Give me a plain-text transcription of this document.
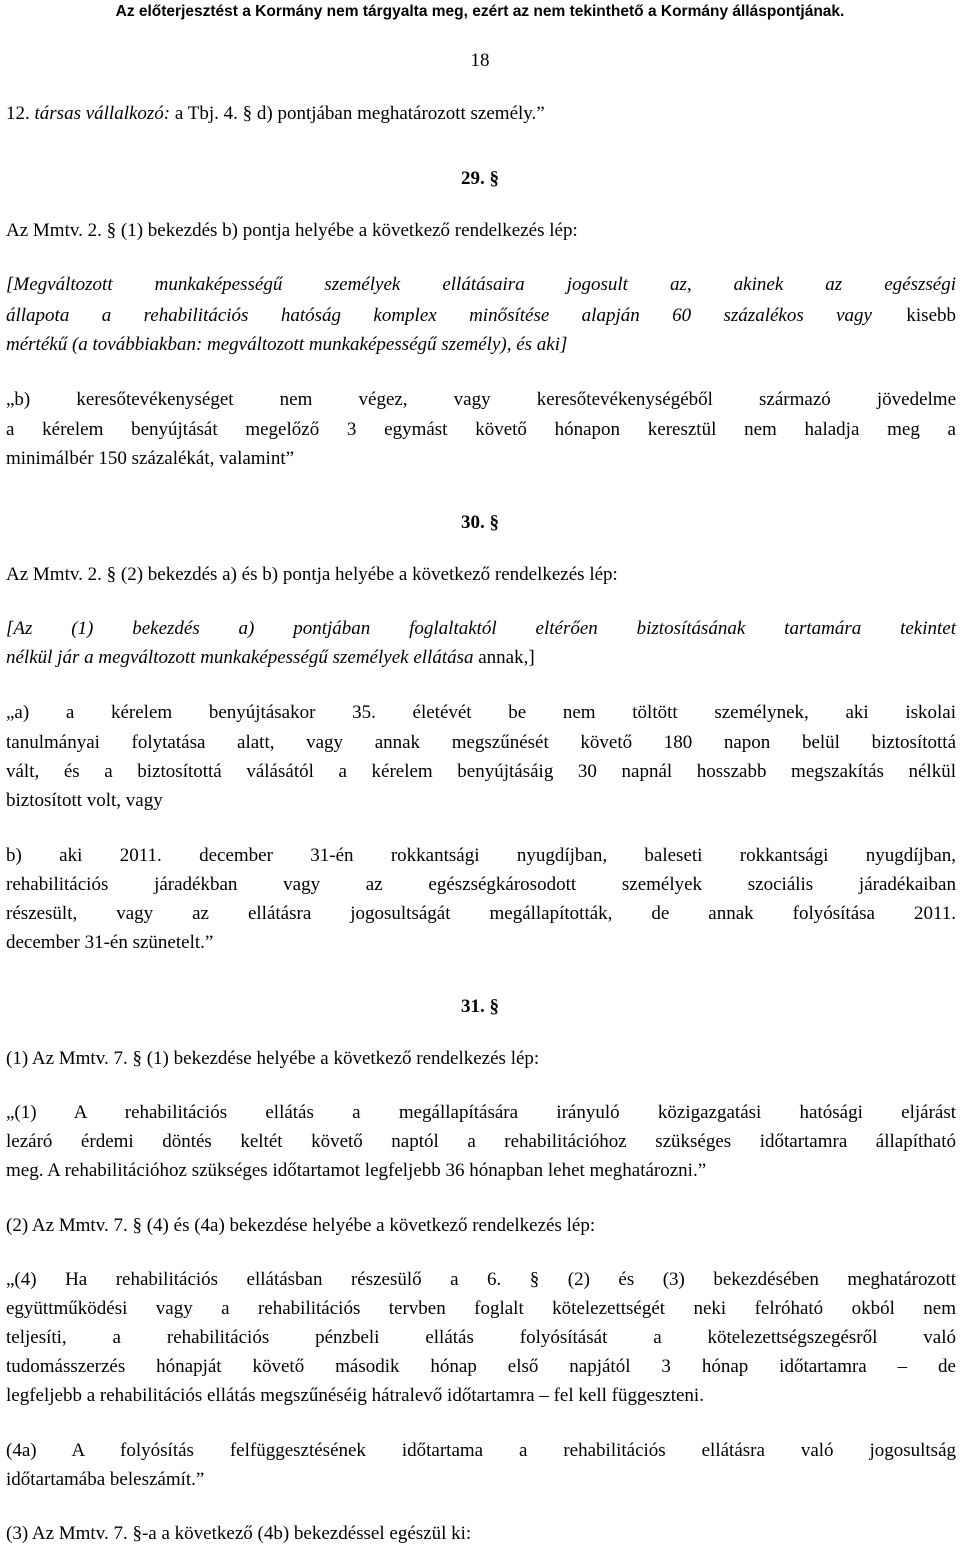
Az előterjesztést a Kormány nem tárgyalta meg, ezért az nem tekinthető a Kormány álláspontjának.
18
12. társas vállalkozó: a Tbj. 4. § d) pontjában meghatározott személy.”
29. §
Az Mmtv. 2. § (1) bekezdés b) pontja helyébe a következő rendelkezés lép:
[Megváltozott munkaképességű személyek ellátásaira jogosult az, akinek az egészségi
állapota a rehabilitációs hatóság komplex minősítése alapján 60 százalékos vagy kisebb
mértékű (a továbbiakban: megváltozott munkaképességű személy), és aki]
„b) keresőtevékenységet nem végez, vagy keresőtevékenységéből származó jövedelme
a kérelem benyújtását megelőző 3 egymást követő hónapon keresztül nem haladja meg a
minimálbér 150 százalékát, valamint”
30. §
Az Mmtv. 2. § (2) bekezdés a) és b) pontja helyébe a következő rendelkezés lép:
[Az (1) bekezdés a) pontjában foglaltaktól eltérően biztosításának tartamára tekintet
nélkül jár a megváltozott munkaképességű személyek ellátása annak,]
„a) a kérelem benyújtásakor 35. életévét be nem töltött személynek, aki iskolai
tanulmányai folytatása alatt, vagy annak megszűnését követő 180 napon belül biztosítottá
vált, és a biztosítottá válásától a kérelem benyújtásáig 30 napnál hosszabb megszakítás nélkül
biztosított volt, vagy
b) aki 2011. december 31-én rokkantsági nyugdíjban, baleseti rokkantsági nyugdíjban,
rehabilitációs járadékban vagy az egészségkárosodott személyek szociális járadékaiban
részesült, vagy az ellátásra jogosultságát megállapították, de annak folyósítása 2011.
december 31-én szünetelt.”
31. §
(1) Az Mmtv. 7. § (1) bekezdése helyébe a következő rendelkezés lép:
„(1) A rehabilitációs ellátás a megállapítására irányuló közigazgatási hatósági eljárást
lezáró érdemi döntés keltét követő naptól a rehabilitációhoz szükséges időtartamra állapítható
meg. A rehabilitációhoz szükséges időtartamot legfeljebb 36 hónapban lehet meghatározni.”
(2) Az Mmtv. 7. § (4) és (4a) bekezdése helyébe a következő rendelkezés lép:
„(4) Ha rehabilitációs ellátásban részesülő a 6. § (2) és (3) bekezdésében meghatározott
együttműködési vagy a rehabilitációs tervben foglalt kötelezettségét neki felróható okból nem
teljesíti, a rehabilitációs pénzbeli ellátás folyósítását a kötelezettségszegésről való
tudomásszerzés hónapját követő második hónap első napjától 3 hónap időtartamra – de
legfeljebb a rehabilitációs ellátás megszűnéséig hátralevő időtartamra – fel kell függeszteni.
(4a) A folyósítás felfüggesztésének időtartama a rehabilitációs ellátásra való jogosultság
időtartamába beleszámít.”
(3) Az Mmtv. 7. §-a a következő (4b) bekezdéssel egészül ki:
